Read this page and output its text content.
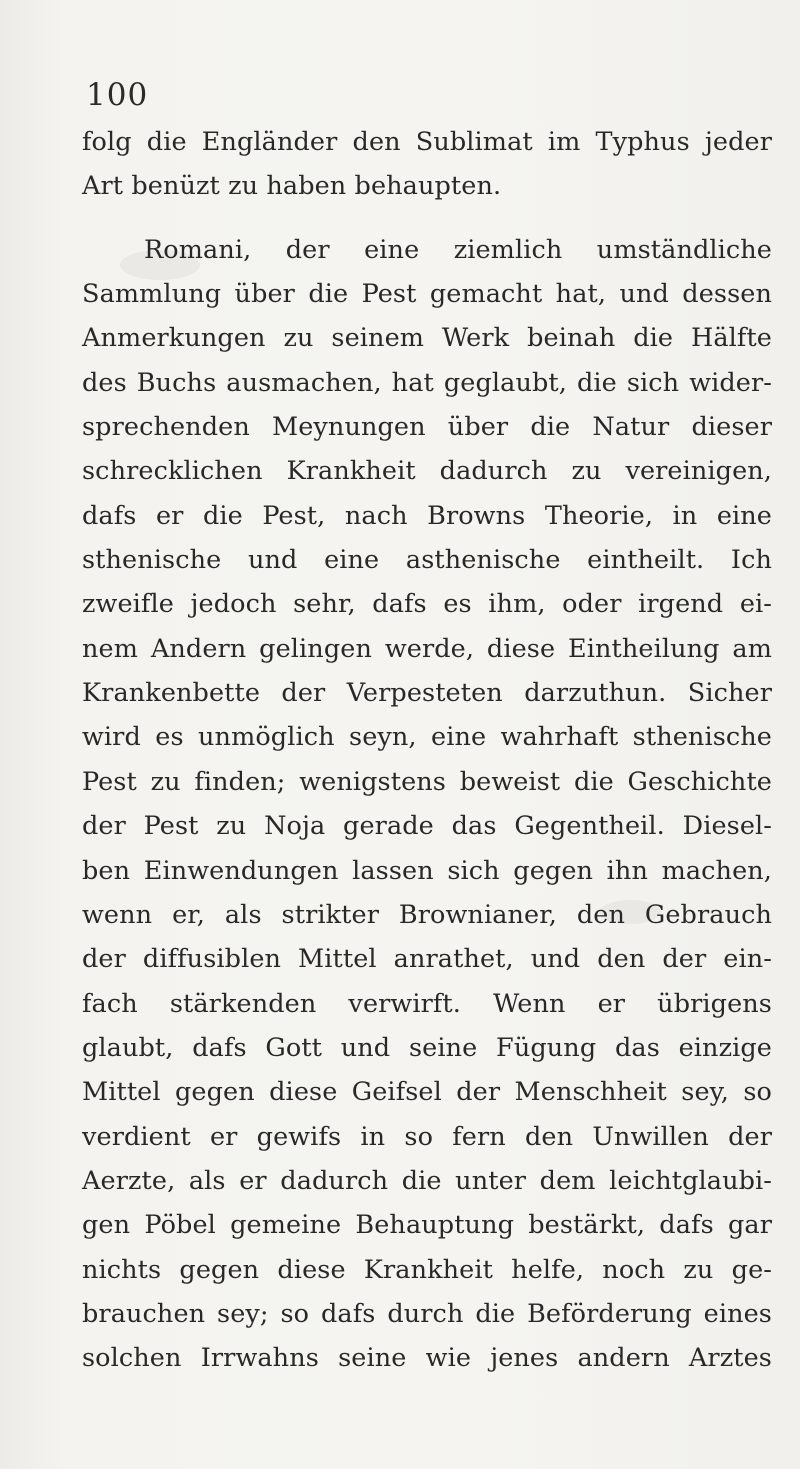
100
folg die Engländer den Sublimat im Typhus jeder
Art benüzt zu haben behaupten.
Romani, der eine ziemlich umständliche
Sammlung über die Pest gemacht hat, und dessen
Anmerkungen zu seinem Werk beinah die Hälfte
des Buchs ausmachen, hat geglaubt, die sich wider-
sprechenden Meynungen über die Natur dieser
schrecklichen Krankheit dadurch zu vereinigen,
dafs er die Pest, nach Browns Theorie, in eine
sthenische und eine asthenische eintheilt. Ich
zweifle jedoch sehr, dafs es ihm, oder irgend ei-
nem Andern gelingen werde, diese Eintheilung am
Krankenbette der Verpesteten darzuthun. Sicher
wird es unmöglich seyn, eine wahrhaft sthenische
Pest zu finden; wenigstens beweist die Geschichte
der Pest zu Noja gerade das Gegentheil. Diesel-
ben Einwendungen lassen sich gegen ihn machen,
wenn er, als strikter Brownianer, den Gebrauch
der diffusiblen Mittel anrathet, und den der ein-
fach stärkenden verwirft. Wenn er übrigens
glaubt, dafs Gott und seine Fügung das einzige
Mittel gegen diese Geifsel der Menschheit sey, so
verdient er gewifs in so fern den Unwillen der
Aerzte, als er dadurch die unter dem leichtglaubi-
gen Pöbel gemeine Behauptung bestärkt, dafs gar
nichts gegen diese Krankheit helfe, noch zu ge-
brauchen sey; so dafs durch die Beförderung eines
solchen Irrwahns seine wie jenes andern Arztes
